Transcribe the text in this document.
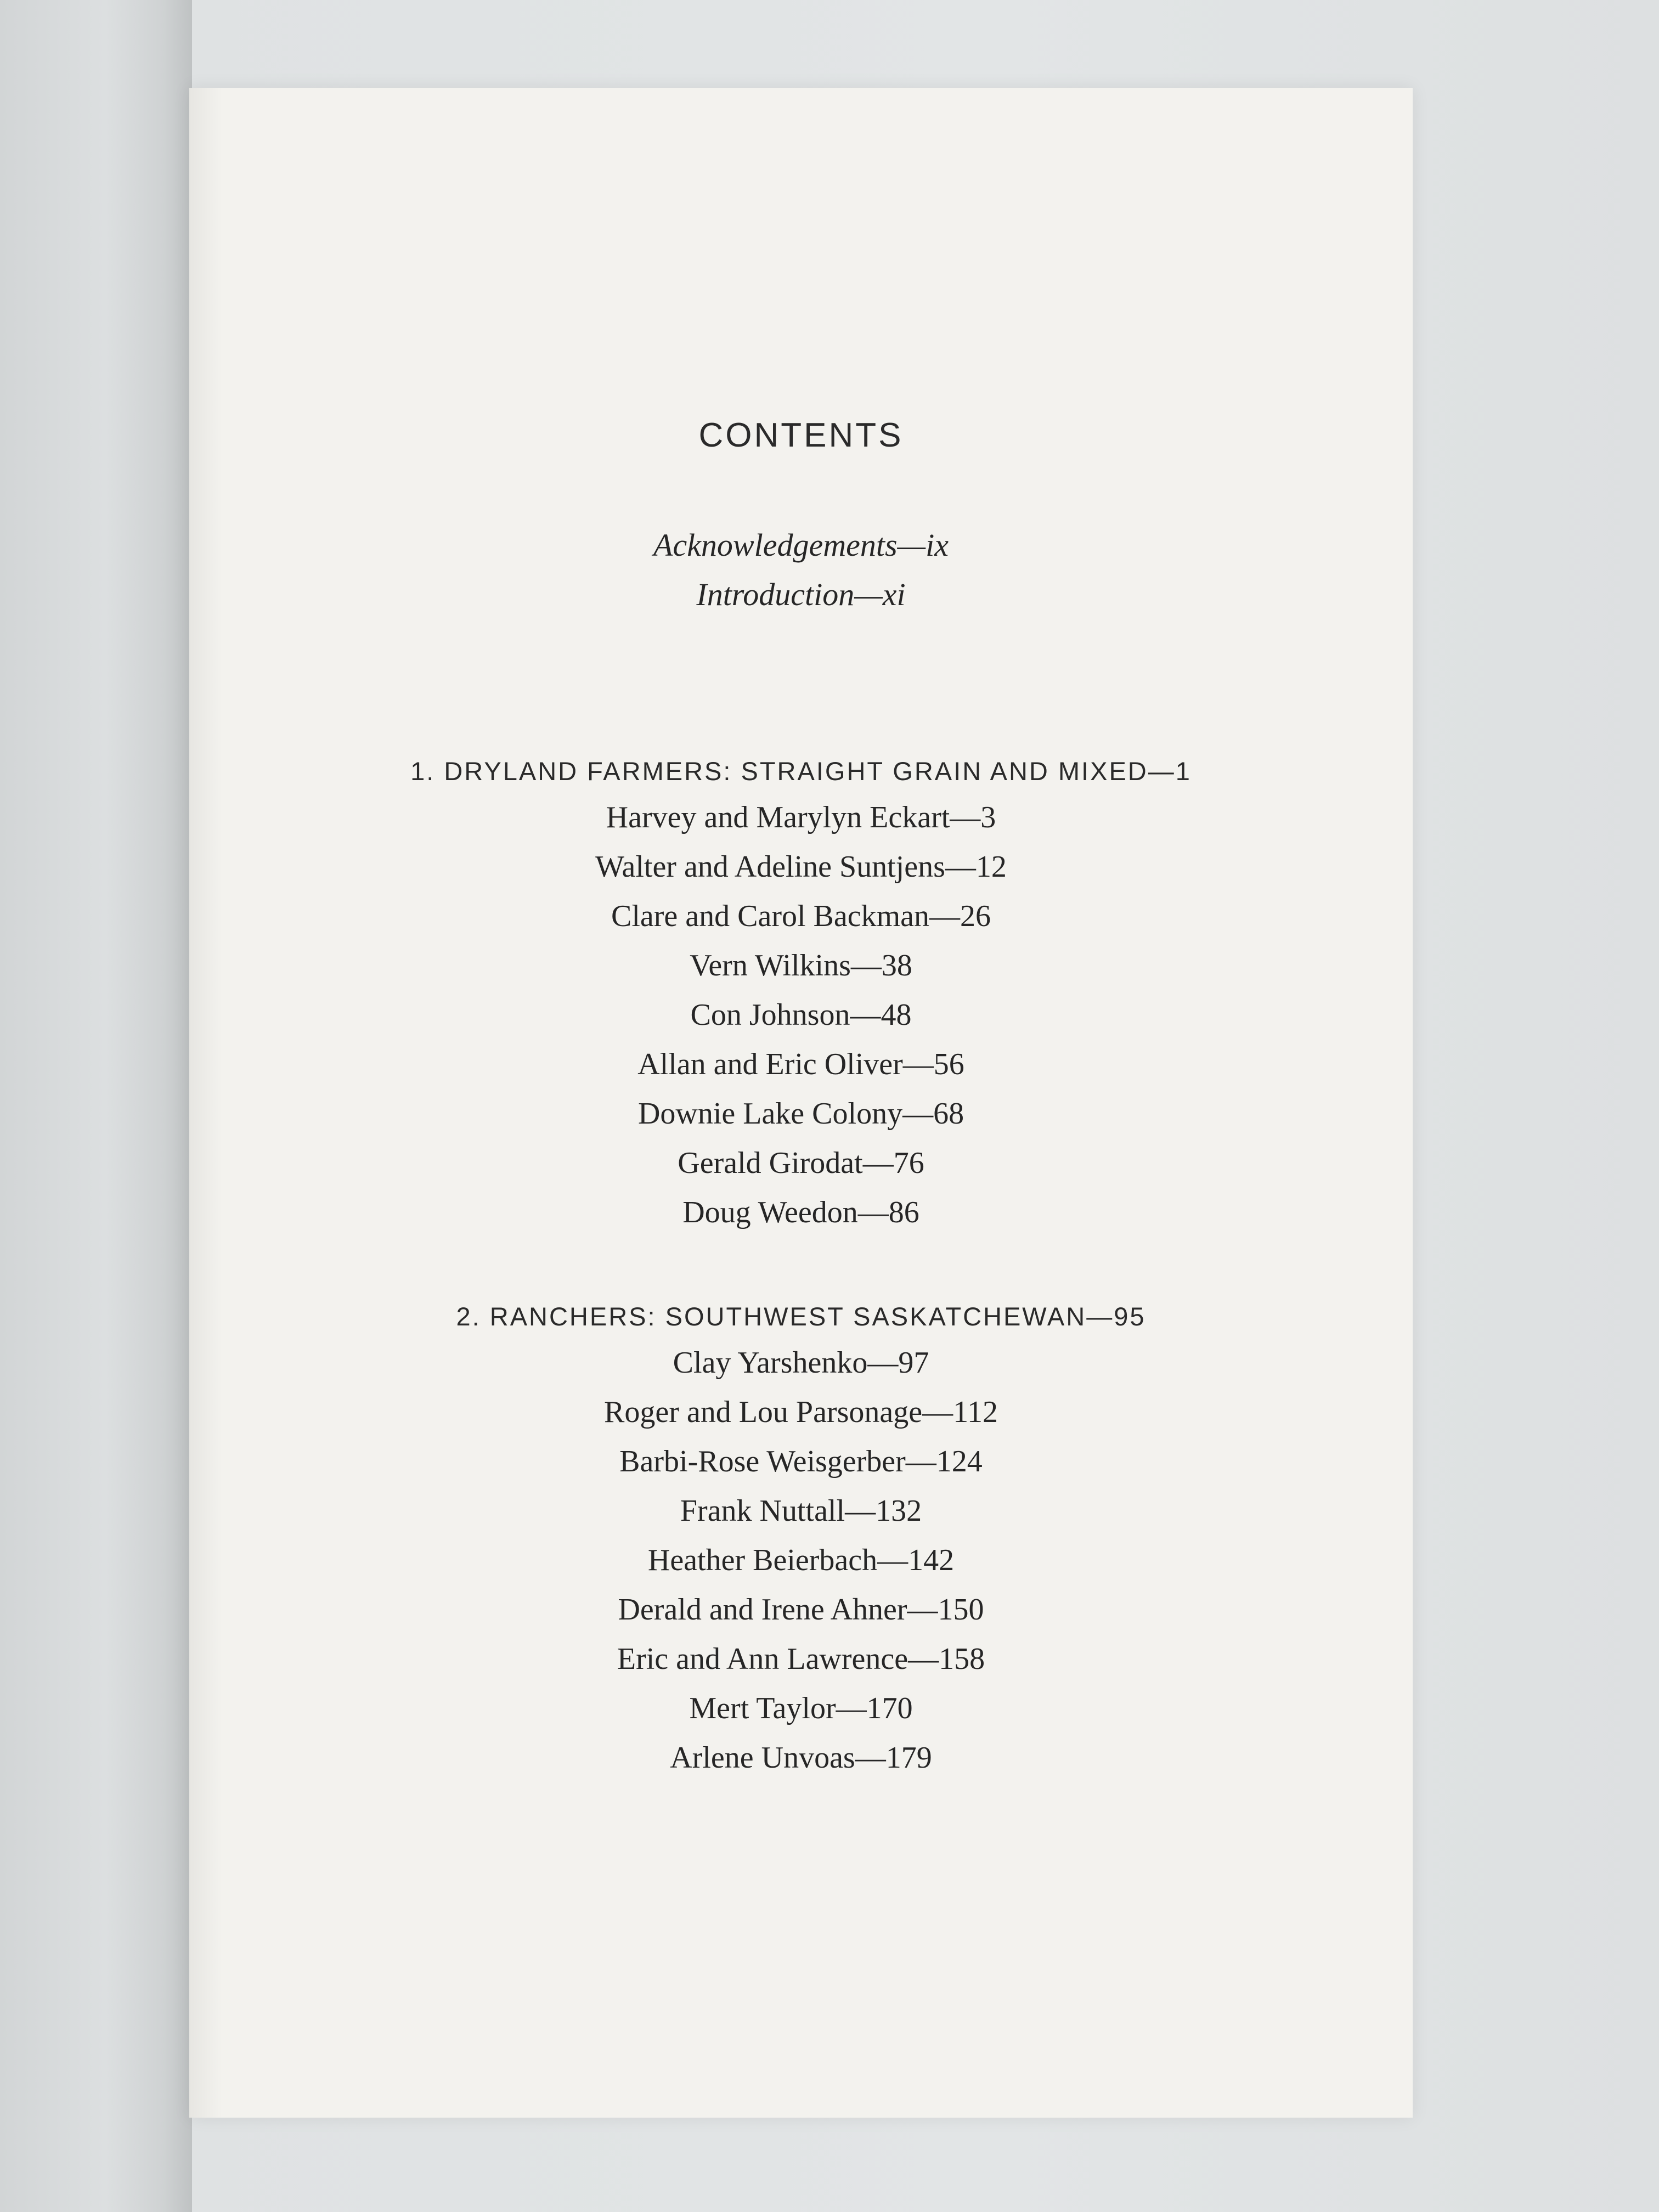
CONTENTS
Acknowledgements—ix
Introduction—xi
1. DRYLAND FARMERS: STRAIGHT GRAIN AND MIXED—1
Harvey and Marylyn Eckart—3
Walter and Adeline Suntjens—12
Clare and Carol Backman—26
Vern Wilkins—38
Con Johnson—48
Allan and Eric Oliver—56
Downie Lake Colony—68
Gerald Girodat—76
Doug Weedon—86
2. RANCHERS: SOUTHWEST SASKATCHEWAN—95
Clay Yarshenko—97
Roger and Lou Parsonage—112
Barbi-Rose Weisgerber—124
Frank Nuttall—132
Heather Beierbach—142
Derald and Irene Ahner—150
Eric and Ann Lawrence—158
Mert Taylor—170
Arlene Unvoas—179
